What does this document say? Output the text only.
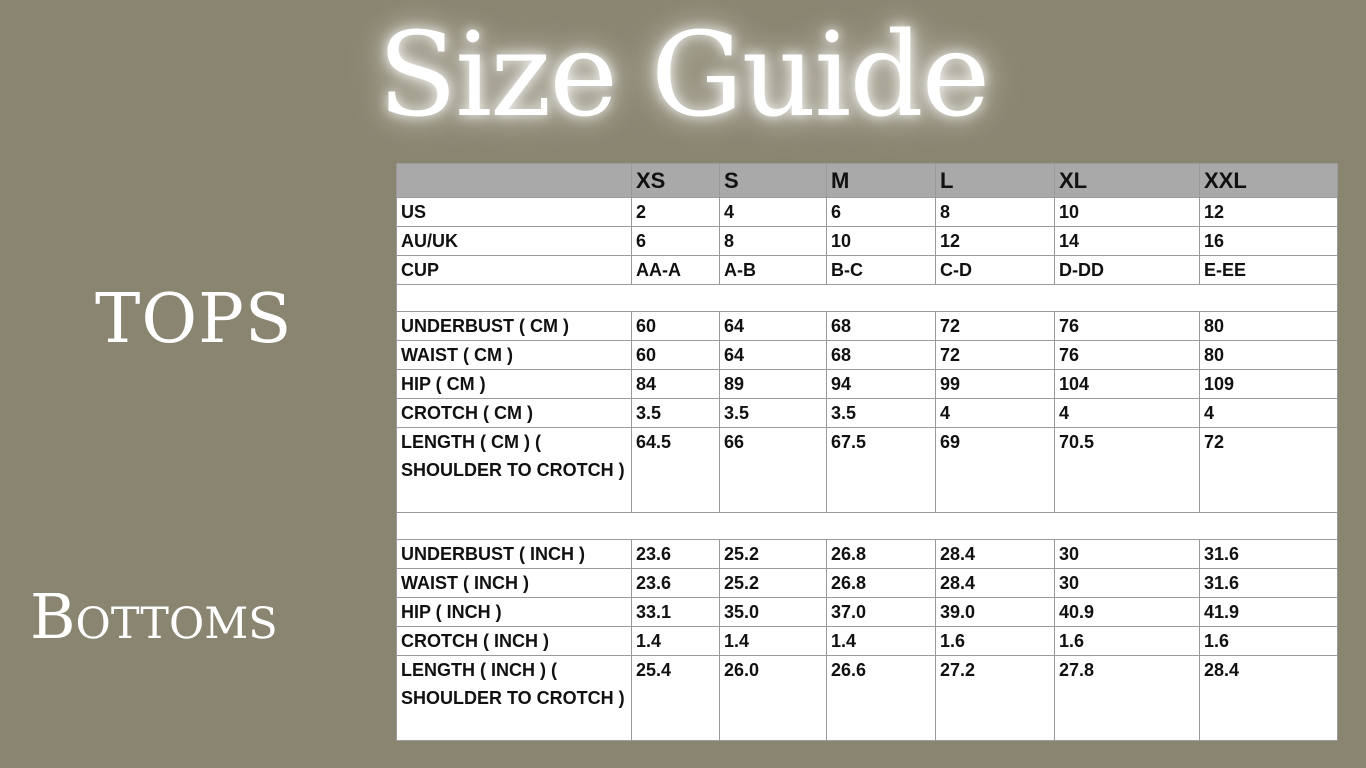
Size Guide
TOPS
Bottoms
	XS	S	M	L	XL	XXL
US	2	4	6	8	10	12
AU/UK	6	8	10	12	14	16
CUP	AA-A	A-B	B-C	C-D	D-DD	E-EE

UNDERBUST ( CM )	60	64	68	72	76	80
WAIST ( CM )	60	64	68	72	76	80
HIP ( CM )	84	89	94	99	104	109
CROTCH ( CM )	3.5	3.5	3.5	4	4	4
LENGTH ( CM ) ( SHOULDER TO CROTCH )	64.5	66	67.5	69	70.5	72

UNDERBUST ( INCH )	23.6	25.2	26.8	28.4	30	31.6
WAIST ( INCH )	23.6	25.2	26.8	28.4	30	31.6
HIP ( INCH )	33.1	35.0	37.0	39.0	40.9	41.9
CROTCH ( INCH )	1.4	1.4	1.4	1.6	1.6	1.6
LENGTH ( INCH ) ( SHOULDER TO CROTCH )	25.4	26.0	26.6	27.2	27.8	28.4
